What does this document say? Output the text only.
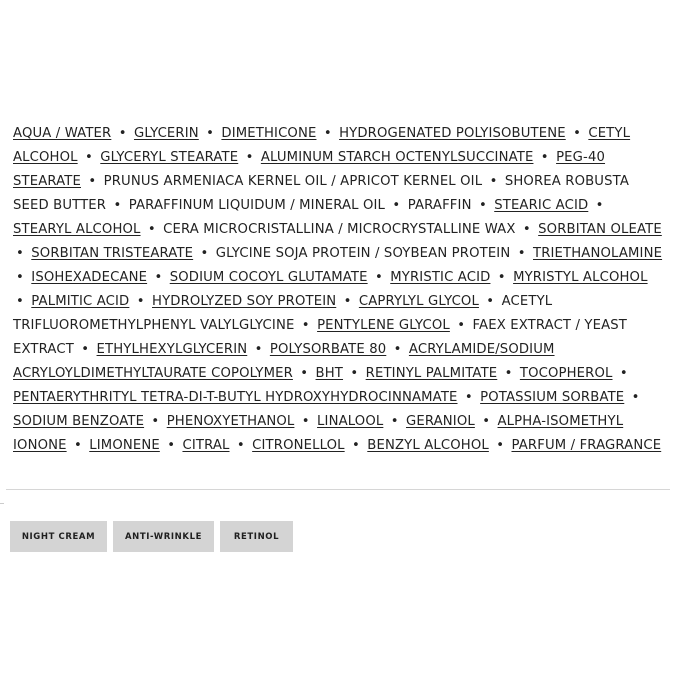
AQUA / WATER • GLYCERIN • DIMETHICONE • HYDROGENATED POLYISOBUTENE • CETYL ALCOHOL • GLYCERYL STEARATE • ALUMINUM STARCH OCTENYLSUCCINATE • PEG-40 STEARATE • PRUNUS ARMENIACA KERNEL OIL / APRICOT KERNEL OIL • SHOREA ROBUSTA SEED BUTTER • PARAFFINUM LIQUIDUM / MINERAL OIL • PARAFFIN • STEARIC ACID • STEARYL ALCOHOL • CERA MICROCRISTALLINA / MICROCRYSTALLINE WAX • SORBITAN OLEATE • SORBITAN TRISTEARATE • GLYCINE SOJA PROTEIN / SOYBEAN PROTEIN • TRIETHANOLAMINE • ISOHEXADECANE • SODIUM COCOYL GLUTAMATE • MYRISTIC ACID • MYRISTYL ALCOHOL • PALMITIC ACID • HYDROLYZED SOY PROTEIN • CAPRYLYL GLYCOL • ACETYL TRIFLUOROMETHYLPHENYL VALYLGLYCINE • PENTYLENE GLYCOL • FAEX EXTRACT / YEAST EXTRACT • ETHYLHEXYLGLYCERIN • POLYSORBATE 80 • ACRYLAMIDE/SODIUM ACRYLOYLDIMETHYLTAURATE COPOLYMER • BHT • RETINYL PALMITATE • TOCOPHEROL • PENTAERYTHRITYL TETRA-DI-T-BUTYL HYDROXYHYDROCINNAMATE • POTASSIUM SORBATE • SODIUM BENZOATE • PHENOXYETHANOL • LINALOOL • GERANIOL • ALPHA-ISOMETHYL IONONE • LIMONENE • CITRAL • CITRONELLOL • BENZYL ALCOHOL • PARFUM / FRAGRANCE
NIGHT CREAM	ANTI-WRINKLE	RETINOL
